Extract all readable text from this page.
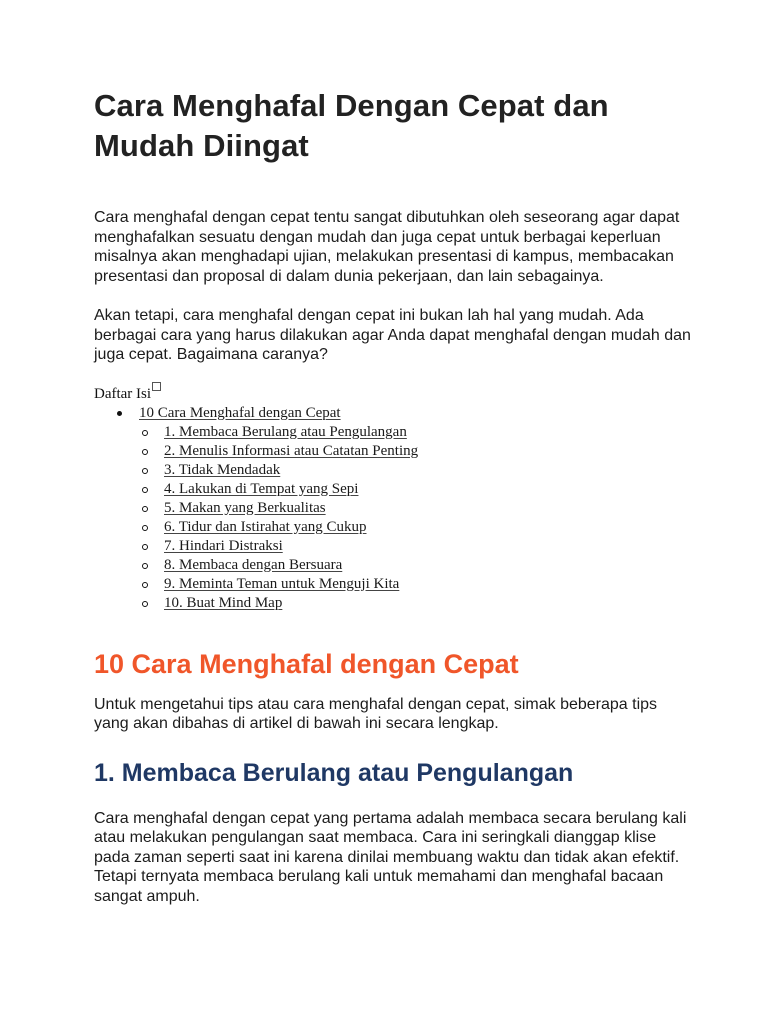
Cara Menghafal Dengan Cepat dan Mudah Diingat

Cara menghafal dengan cepat tentu sangat dibutuhkan oleh seseorang agar dapat menghafalkan sesuatu dengan mudah dan juga cepat untuk berbagai keperluan misalnya akan menghadapi ujian, melakukan presentasi di kampus, membacakan presentasi dan proposal di dalam dunia pekerjaan, dan lain sebagainya.

Akan tetapi, cara menghafal dengan cepat ini bukan lah hal yang mudah. Ada berbagai cara yang harus dilakukan agar Anda dapat menghafal dengan mudah dan juga cepat. Bagaimana caranya?

Daftar Isi
10 Cara Menghafal dengan Cepat
1. Membaca Berulang atau Pengulangan
2. Menulis Informasi atau Catatan Penting
3. Tidak Mendadak
4. Lakukan di Tempat yang Sepi
5. Makan yang Berkualitas
6. Tidur dan Istirahat yang Cukup
7. Hindari Distraksi
8. Membaca dengan Bersuara
9. Meminta Teman untuk Menguji Kita
10. Buat Mind Map
10 Cara Menghafal dengan Cepat

Untuk mengetahui tips atau cara menghafal dengan cepat, simak beberapa tips yang akan dibahas di artikel di bawah ini secara lengkap.

1. Membaca Berulang atau Pengulangan

Cara menghafal dengan cepat yang pertama adalah membaca secara berulang kali atau melakukan pengulangan saat membaca. Cara ini seringkali dianggap klise pada zaman seperti saat ini karena dinilai membuang waktu dan tidak akan efektif. Tetapi ternyata membaca berulang kali untuk memahami dan menghafal bacaan sangat ampuh.
